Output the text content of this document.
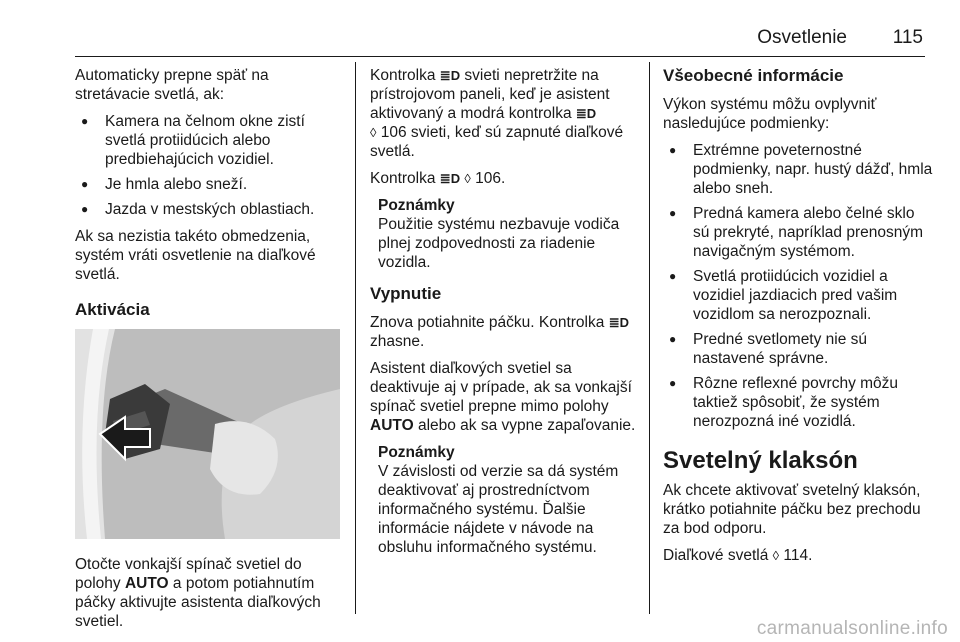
Osvetlenie 115

Automaticky prepne späť na stretávacie svetlá, ak:

● Kamera na čelnom okne zistí svetlá protiidúcich alebo predbiehajúcich vozidiel.
● Je hmla alebo sneží.
● Jazda v mestských oblastiach.

Ak sa nezistia takéto obmedzenia, systém vráti osvetlenie na diaľkové svetlá.

Aktivácia

Otočte vonkajší spínač svetiel do polohy AUTO a potom potiahnutím páčky aktivujte asistenta diaľkových svetiel.

Kontrolka ≣D svieti nepretržite na prístrojovom paneli, keď je asistent aktivovaný a modrá kontrolka ≣D
◊ 106 svieti, keď sú zapnuté diaľkové svetlá.

Kontrolka ≣D ◊ 106.

Poznámky
Použitie systému nezbavuje vodiča plnej zodpovednosti za riadenie vozidla.
Vypnutie

Znova potiahnite páčku. Kontrolka ≣D zhasne.

Asistent diaľkových svetiel sa deaktivuje aj v prípade, ak sa vonkajší spínač svetiel prepne mimo polohy AUTO alebo ak sa vypne zapaľovanie.

Poznámky
V závislosti od verzie sa dá systém deaktivovať aj prostredníctvom informačného systému. Ďalšie informácie nájdete v návode na obsluhu informačného systému.
Všeobecné informácie

Výkon systému môžu ovplyvniť nasledujúce podmienky:

● Extrémne poveternostné podmienky, napr. hustý dážď, hmla alebo sneh.
● Predná kamera alebo čelné sklo sú prekryté, napríklad prenosným navigačným systémom.
● Svetlá protiidúcich vozidiel a vozidiel jazdiacich pred vašim vozidlom sa nerozpoznali.
● Predné svetlomety nie sú nastavené správne.
● Rôzne reflexné povrchy môžu taktiež spôsobiť, že systém nerozpozná iné vozidlá.
Svetelný klaksón

Ak chcete aktivovať svetelný klaksón, krátko potiahnite páčku bez prechodu za bod odporu.

Diaľkové svetlá ◊ 114.

carmanualsonline.info
